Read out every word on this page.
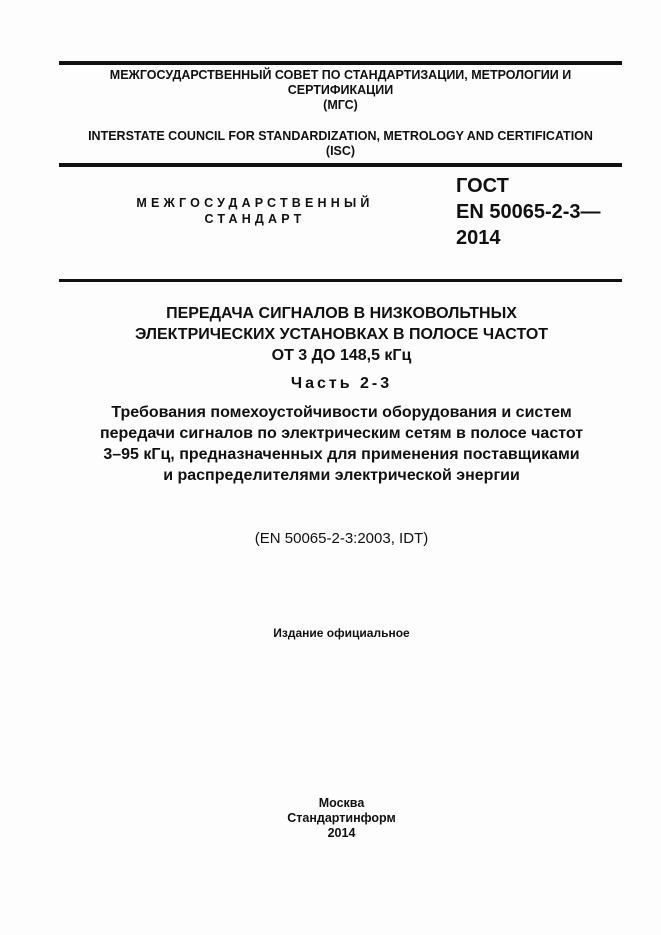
МЕЖГОСУДАРСТВЕННЫЙ СОВЕТ ПО СТАНДАРТИЗАЦИИ, МЕТРОЛОГИИ И
СЕРТИФИКАЦИИ
(МГС)
INTERSTATE COUNCIL FOR STANDARDIZATION, METROLOGY AND CERTIFICATION
(ISC)
МЕЖГОСУДАРСТВЕННЫЙ
СТАНДАРТ
ГОСТ
EN 50065-2-3—
2014
ПЕРЕДАЧА СИГНАЛОВ В НИЗКОВОЛЬТНЫХ
ЭЛЕКТРИЧЕСКИХ УСТАНОВКАХ В ПОЛОСЕ ЧАСТОТ
ОТ 3 ДО 148,5 кГц
Часть 2-3
Требования помехоустойчивости оборудования и систем
передачи сигналов по электрическим сетям в полосе частот
3–95 кГц, предназначенных для применения поставщиками
и распределителями электрической энергии
(EN 50065-2-3:2003, IDT)
Издание официальное
Москва
Стандартинформ
2014
